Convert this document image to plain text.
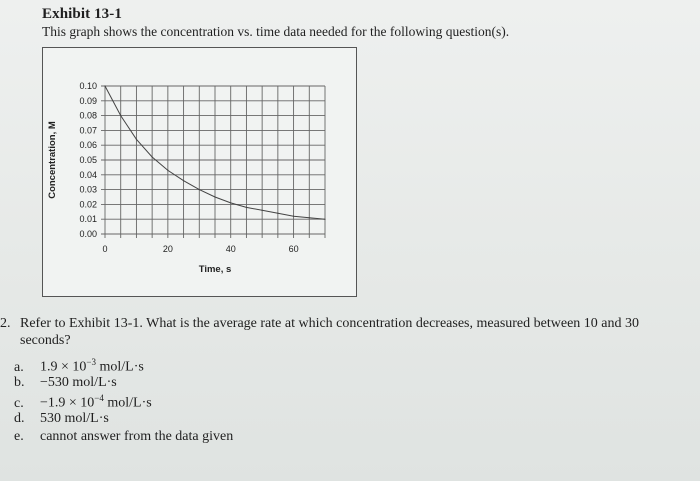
Exhibit 13-1
This graph shows the concentration vs. time data needed for the following question(s).
0.10
0.09
0.08
0.07
0.06
0.05
0.04
0.03
0.02
0.01
0.00
0	20	40	60
Concentration, M
Time, s
2. Refer to Exhibit 13-1. What is the average rate at which concentration decreases, measured between 10 and 30 seconds?
a. $1.9 \times 10^{-3}$ mol/L·s
b. −530 mol/L·s
c. $-1.9 \times 10^{-4}$ mol/L·s
d. 530 mol/L·s
e. cannot answer from the data given
